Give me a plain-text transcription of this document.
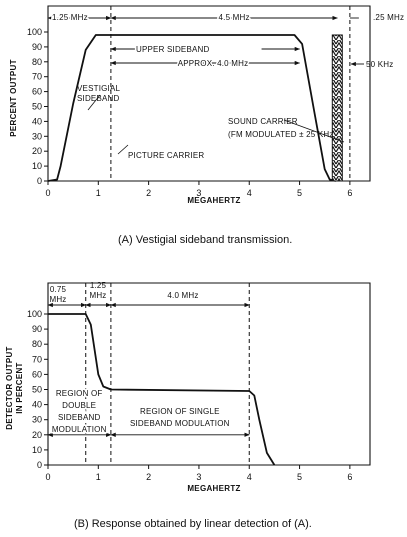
0
10
20
30
40
50
60
70
80
90
100
0	1	2	3	4	5	6
1.25 MHz	4.5 MHz	.25 MHz
APPROX. 4.0 MHz
PERCENT OUTPUT
MEGAHERTZ
UPPER SIDEBAND
VESTIGIAL
SIDEBAND
SOUND CARRIER
(FM MODULATED ± 25 KHz
PICTURE CARRIER
50 KHz
(A) Vestigial sideband transmission.
0
10
20
30
40
50
60
70
80
90
100
0	1	2	3	4	5	6
0.75
MHz
1.25
MHz	4.0 MHz
DETECTOR OUTPUT IN PERCENT
MEGAHERTZ
REGION OF
DOUBLE
SIDEBAND
MODULATION
REGION OF SINGLE
SIDEBAND MODULATION
(B) Response obtained by linear detection of (A).
